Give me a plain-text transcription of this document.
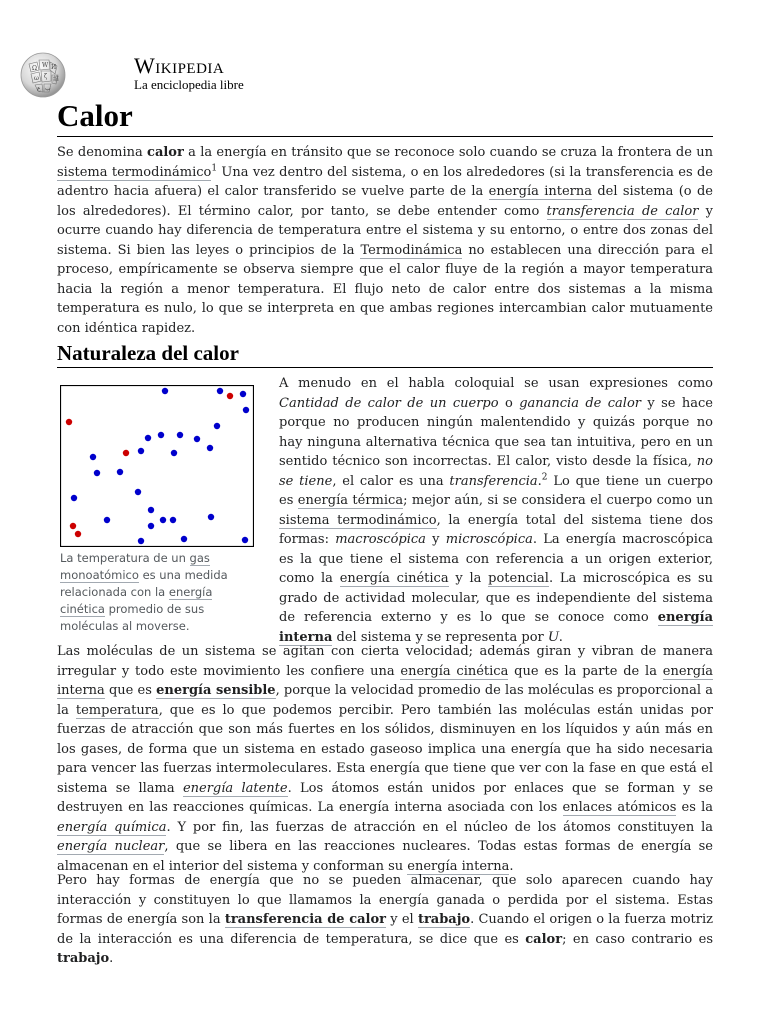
Ω W И
ω ζ 維
ع ب
Wikipedia
La enciclopedia libre
Calor

Se denomina calor a la energía en tránsito que se reconoce solo cuando se cruza la frontera de un sistema termodinámico$^1$ Una vez dentro del sistema, o en los alrededores (si la transferencia es de adentro hacia afuera) el calor transferido se vuelve parte de la energía interna del sistema (o de los alrededores). El término calor, por tanto, se debe entender como transferencia de calor y ocurre cuando hay diferencia de temperatura entre el sistema y su entorno, o entre dos zonas del sistema. Si bien las leyes o principios de la Termodinámica no establecen una dirección para el proceso, empíricamente se observa siempre que el calor fluye de la región a mayor temperatura hacia la región a menor temperatura. El flujo neto de calor entre dos sistemas a la misma temperatura es nulo, lo que se interpreta en que ambas regiones intercambian calor mutuamente con idéntica rapidez.

Naturaleza del calor
La temperatura de un gas monoatómico es una medida relacionada con la energía cinética promedio de sus moléculas al moverse.

A menudo en el habla coloquial se usan expresiones como Cantidad de calor de un cuerpo o ganancia de calor y se hace porque no producen ningún malentendido y quizás porque no hay ninguna alternativa técnica que sea tan intuitiva, pero en un sentido técnico son incorrectas. El calor, visto desde la física, no se tiene, el calor es una transferencia.$^2$ Lo que tiene un cuerpo es energía térmica; mejor aún, si se considera el cuerpo como un sistema termodinámico, la energía total del sistema tiene dos formas: macroscópica y microscópica. La energía macroscópica es la que tiene el sistema con referencia a un origen exterior, como la energía cinética y la potencial. La microscópica es su grado de actividad molecular, que es independiente del sistema de referencia externo y es lo que se conoce como energía interna del sistema y se representa por U.

Las moléculas de un sistema se agitan con cierta velocidad; además giran y vibran de manera irregular y todo este movimiento les confiere una energía cinética que es la parte de la energía interna que es energía sensible, porque la velocidad promedio de las moléculas es proporcional a la temperatura, que es lo que podemos percibir. Pero también las moléculas están unidas por fuerzas de atracción que son más fuertes en los sólidos, disminuyen en los líquidos y aún más en los gases, de forma que un sistema en estado gaseoso implica una energía que ha sido necesaria para vencer las fuerzas intermoleculares. Esta energía que tiene que ver con la fase en que está el sistema se llama energía latente. Los átomos están unidos por enlaces que se forman y se destruyen en las reacciones químicas. La energía interna asociada con los enlaces atómicos es la energía química. Y por fin, las fuerzas de atracción en el núcleo de los átomos constituyen la energía nuclear, que se libera en las reacciones nucleares. Todas estas formas de energía se almacenan en el interior del sistema y conforman su energía interna.

Pero hay formas de energía que no se pueden almacenar, que solo aparecen cuando hay interacción y constituyen lo que llamamos la energía ganada o perdida por el sistema. Estas formas de energía son la transferencia de calor y el trabajo. Cuando el origen o la fuerza motriz de la interacción es una diferencia de temperatura, se dice que es calor; en caso contrario es trabajo.
